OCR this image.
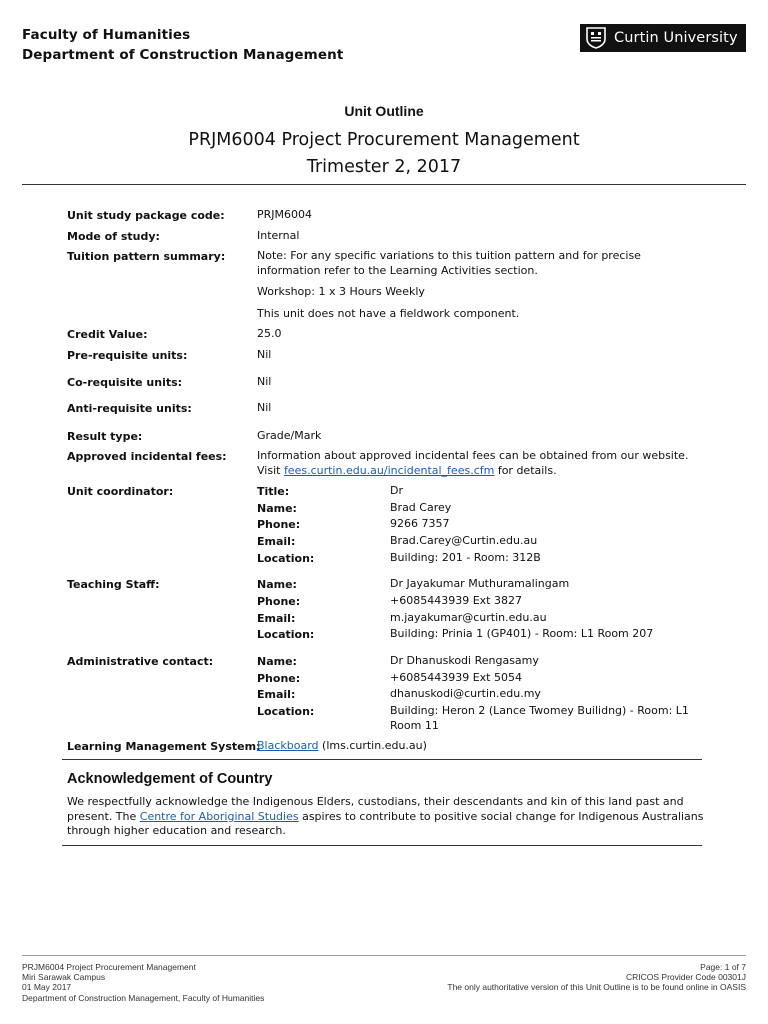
Faculty of Humanities
Department of Construction Management
Curtin University
Unit Outline
PRJM6004 Project Procurement Management
Trimester 2, 2017
Unit study package code:	PRJM6004
Mode of study:	Internal
Tuition pattern summary:	Note: For any specific variations to this tuition pattern and for precise information refer to the Learning Activities section.
Workshop: 1 x 3 Hours Weekly
This unit does not have a fieldwork component.
Credit Value:	25.0
Pre-requisite units:	Nil
Co-requisite units:	Nil
Anti-requisite units:	Nil
Result type:	Grade/Mark
Approved incidental fees:	Information about approved incidental fees can be obtained from our website.
Visit fees.curtin.edu.au/incidental_fees.cfm for details.
Unit coordinator:	Title:	Dr
Name:	Brad Carey
Phone:	9266 7357
Email:	Brad.Carey@Curtin.edu.au
Location:	Building: 201 - Room: 312B
Teaching Staff:	Name:	Dr Jayakumar Muthuramalingam
Phone:	+6085443939 Ext 3827
Email:	m.jayakumar@curtin.edu.au
Location:	Building: Prinia 1 (GP401) - Room: L1 Room 207
Administrative contact:	Name:	Dr Dhanuskodi Rengasamy
Phone:	+6085443939 Ext 5054
Email:	dhanuskodi@curtin.edu.my
Location:	Building: Heron 2 (Lance Twomey Builidng) - Room: L1 Room 11
Learning Management System:
Blackboard (lms.curtin.edu.au)
Acknowledgement of Country
We respectfully acknowledge the Indigenous Elders, custodians, their descendants and kin of this land past and present. The Centre for Aboriginal Studies aspires to contribute to positive social change for Indigenous Australians through higher education and research.
PRJM6004 Project Procurement Management
Miri Sarawak Campus
01 May 2017
Department of Construction Management, Faculty of Humanities
Page: 1 of 7
CRICOS Provider Code 00301J
The only authoritative version of this Unit Outline is to be found online in OASIS
